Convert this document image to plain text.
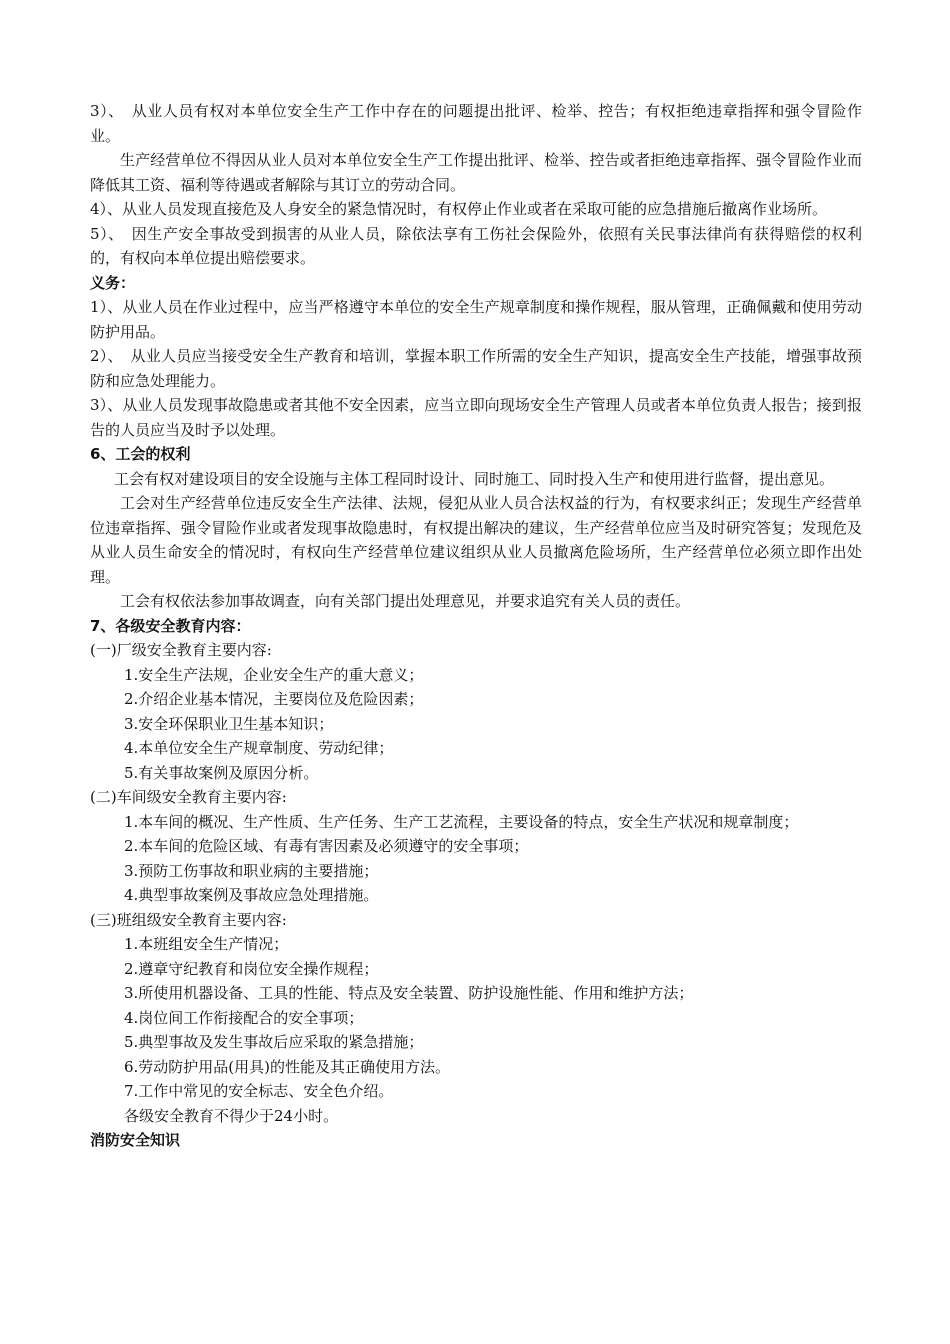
3）、　从业人员有权对本单位安全生产工作中存在的问题提出批评、检举、控告；有权拒绝违章指挥和强令冒险作业。

生产经营单位不得因从业人员对本单位安全生产工作提出批评、检举、控告或者拒绝违章指挥、强令冒险作业而降低其工资、福利等待遇或者解除与其订立的劳动合同。

4）、从业人员发现直接危及人身安全的紧急情况时，有权停止作业或者在采取可能的应急措施后撤离作业场所。

5）、　因生产安全事故受到损害的从业人员，除依法享有工伤社会保险外，依照有关民事法律尚有获得赔偿的权利的，有权向本单位提出赔偿要求。

义务：

1）、从业人员在作业过程中，应当严格遵守本单位的安全生产规章制度和操作规程，服从管理，正确佩戴和使用劳动防护用品。

2）、　从业人员应当接受安全生产教育和培训，掌握本职工作所需的安全生产知识，提高安全生产技能，增强事故预防和应急处理能力。

3）、从业人员发现事故隐患或者其他不安全因素，应当立即向现场安全生产管理人员或者本单位负责人报告；接到报告的人员应当及时予以处理。

6、工会的权利

工会有权对建设项目的安全设施与主体工程同时设计、同时施工、同时投入生产和使用进行监督，提出意见。

工会对生产经营单位违反安全生产法律、法规，侵犯从业人员合法权益的行为，有权要求纠正；发现生产经营单位违章指挥、强令冒险作业或者发现事故隐患时，有权提出解决的建议，生产经营单位应当及时研究答复；发现危及从业人员生命安全的情况时，有权向生产经营单位建议组织从业人员撤离危险场所，生产经营单位必须立即作出处理。

工会有权依法参加事故调查，向有关部门提出处理意见，并要求追究有关人员的责任。

7、各级安全教育内容：

(一)厂级安全教育主要内容:

1.安全生产法规，企业安全生产的重大意义；

2.介绍企业基本情况，主要岗位及危险因素；

3.安全环保职业卫生基本知识；

4.本单位安全生产规章制度、劳动纪律；

5.有关事故案例及原因分析。

(二)车间级安全教育主要内容:

1.本车间的概况、生产性质、生产任务、生产工艺流程，主要设备的特点，安全生产状况和规章制度；

2.本车间的危险区域、有毒有害因素及必须遵守的安全事项；

3.预防工伤事故和职业病的主要措施；

4.典型事故案例及事故应急处理措施。

(三)班组级安全教育主要内容:

1.本班组安全生产情况；

2.遵章守纪教育和岗位安全操作规程；

3.所使用机器设备、工具的性能、特点及安全装置、防护设施性能、作用和维护方法；

4.岗位间工作衔接配合的安全事项；

5.典型事故及发生事故后应采取的紧急措施；

6.劳动防护用品(用具)的性能及其正确使用方法。

7.工作中常见的安全标志、安全色介绍。

各级安全教育不得少于24小时。

消防安全知识
